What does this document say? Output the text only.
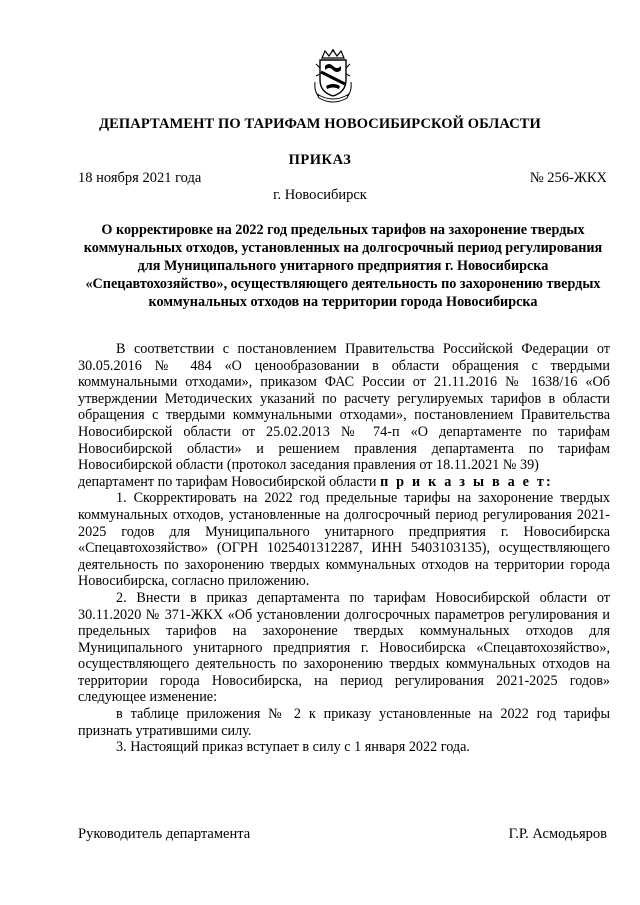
ДЕПАРТАМЕНТ ПО ТАРИФАМ НОВОСИБИРСКОЙ ОБЛАСТИ
ПРИКАЗ
18 ноября 2021 года	№ 256-ЖКХ
г. Новосибирск
О корректировке на 2022 год предельных тарифов на захоронение твердых коммунальных отходов, установленных на долгосрочный период регулирования для Муниципального унитарного предприятия г. Новосибирска «Спецавтохозяйство», осуществляющего деятельность по захоронению твердых коммунальных отходов на территории города Новосибирска

В соответствии с постановлением Правительства Российской Федерации от 30.05.2016 № 484 «О ценообразовании в области обращения с твердыми коммунальными отходами», приказом ФАС России от 21.11.2016 № 1638/16 «Об утверждении Методических указаний по расчету регулируемых тарифов в области обращения с твердыми коммунальными отходами», постановлением Правительства Новосибирской области от 25.02.2013 № 74-п «О департаменте по тарифам Новосибирской области» и решением правления департамента по тарифам Новосибирской области (протокол заседания правления от 18.11.2021 № 39)

департамент по тарифам Новосибирской области п р и к а з ы в а е т:

1. Скорректировать на 2022 год предельные тарифы на захоронение твердых коммунальных отходов, установленные на долгосрочный период регулирования 2021-2025 годов для Муниципального унитарного предприятия г. Новосибирска «Спецавтохозяйство» (ОГРН 1025401312287, ИНН 5403103135), осуществляющего деятельность по захоронению твердых коммунальных отходов на территории города Новосибирска, согласно приложению.

2. Внести в приказ департамента по тарифам Новосибирской области от 30.11.2020 № 371-ЖКХ «Об установлении долгосрочных параметров регулирования и предельных тарифов на захоронение твердых коммунальных отходов для Муниципального унитарного предприятия г. Новосибирска «Спецавтохозяйство», осуществляющего деятельность по захоронению твердых коммунальных отходов на территории города Новосибирска, на период регулирования 2021-2025 годов» следующее изменение:

в таблице приложения № 2 к приказу установленные на 2022 год тарифы признать утратившими силу.

3. Настоящий приказ вступает в силу с 1 января 2022 года.

Руководитель департамента	Г.Р. Асмодьяров
